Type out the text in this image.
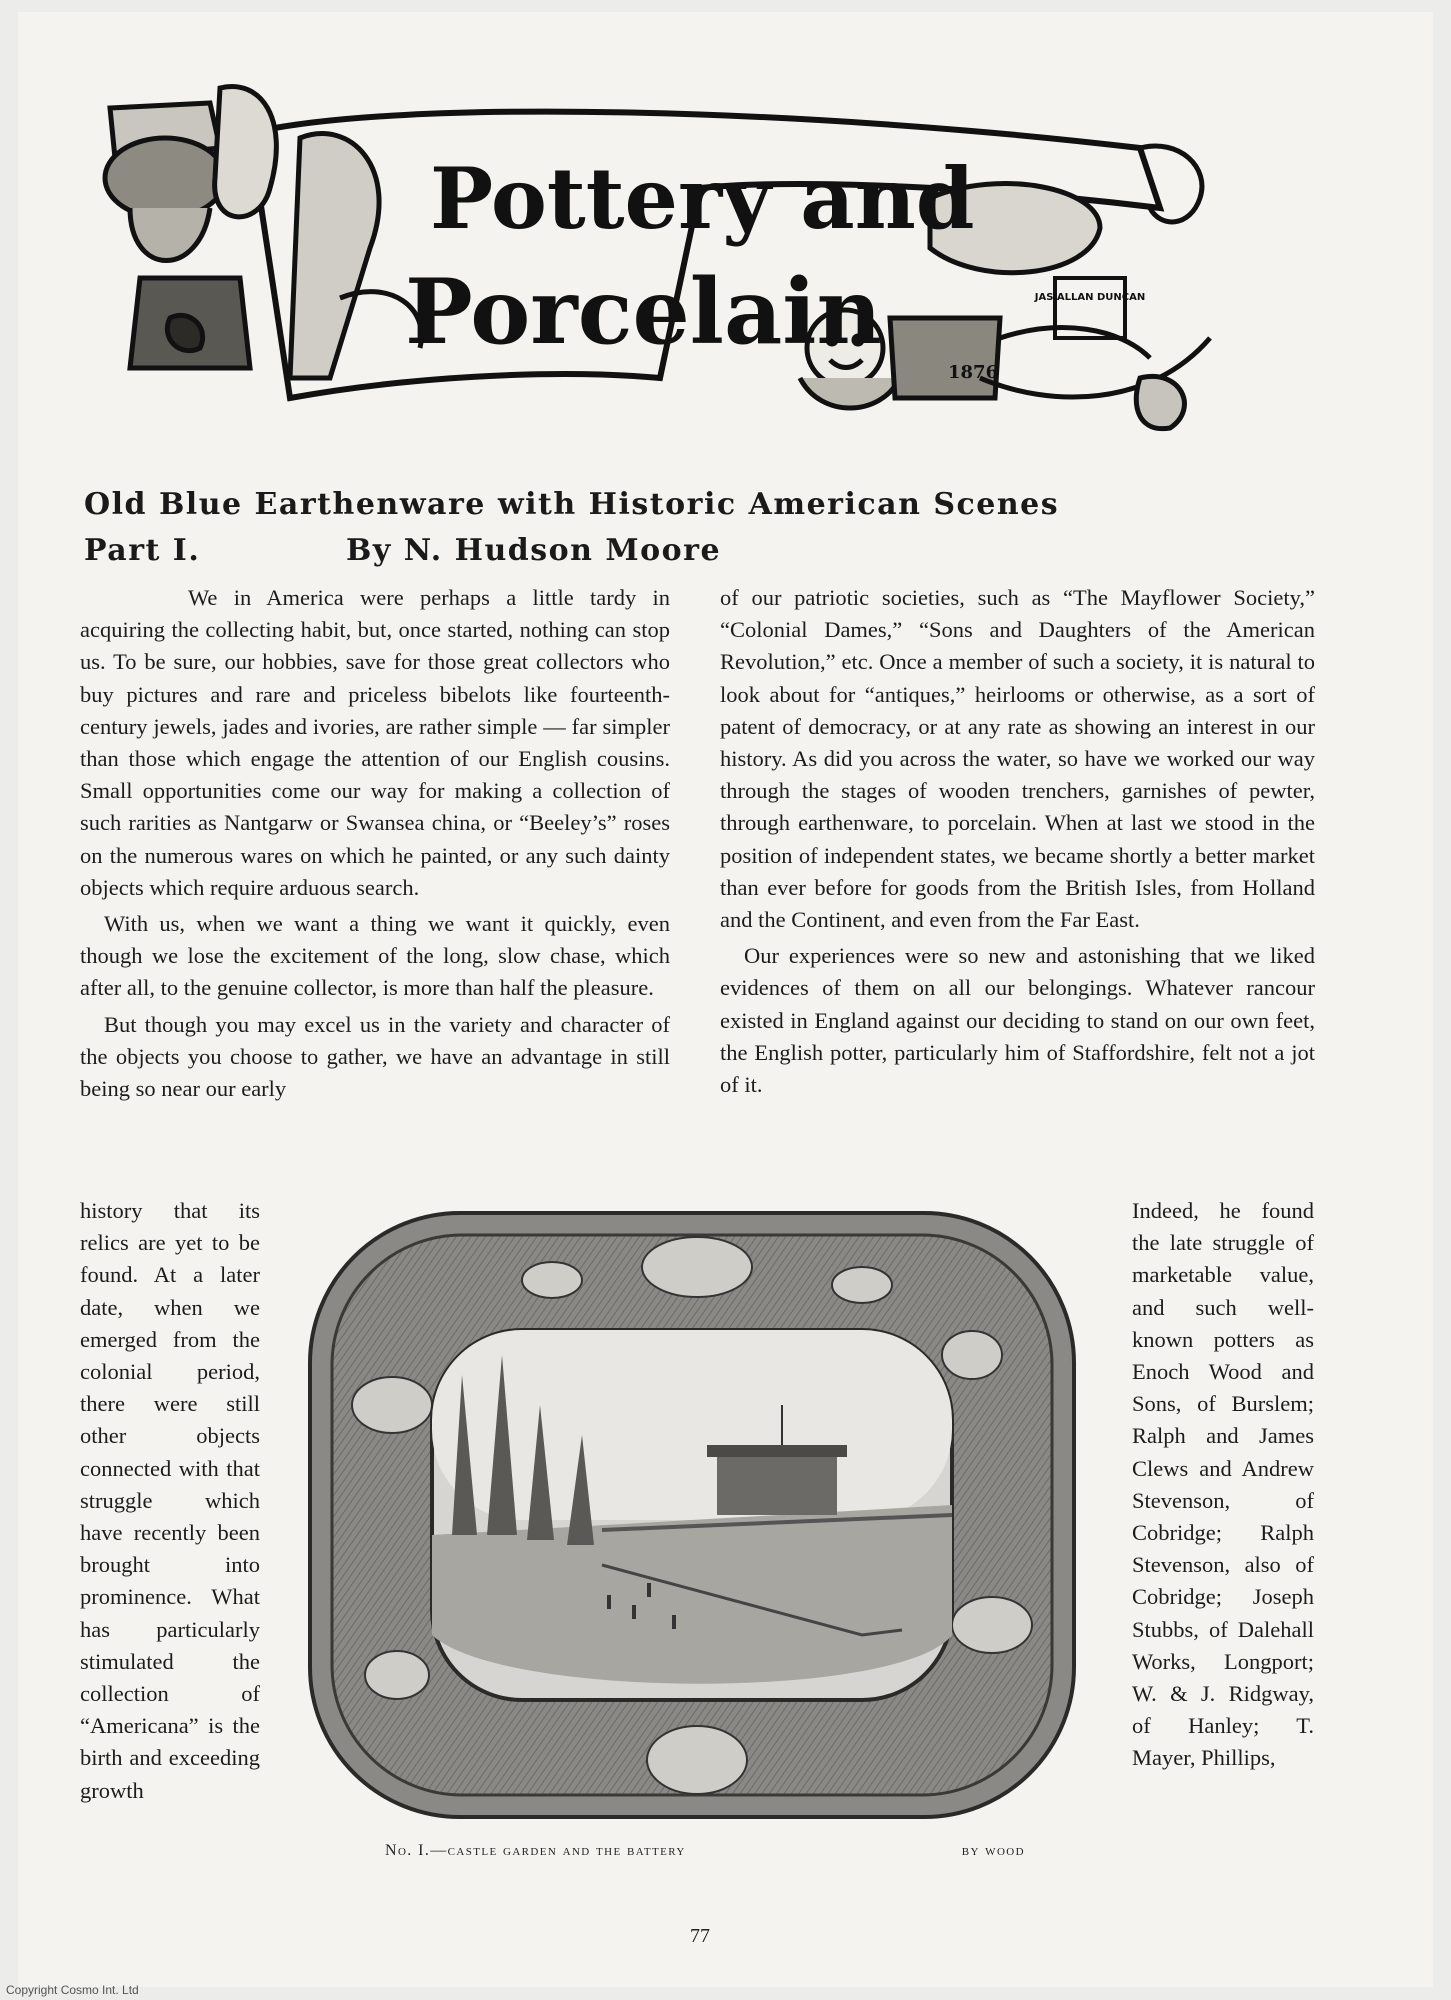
JAS ALLAN DUNCAN
1876
Pottery and
Porcelain
Old Blue Earthenware with Historic American Scenes
Part I.	By N. Hudson Moore

We in America were perhaps a little tardy in acquiring the collecting habit, but, once started, nothing can stop us. To be sure, our hobbies, save for those great collectors who buy pictures and rare and priceless bibelots like fourteenth-century jewels, jades and ivories, are rather simple — far simpler than those which engage the attention of our English cousins. Small opportunities come our way for making a collection of such rarities as Nantgarw or Swansea china, or “Beeley’s” roses on the numerous wares on which he painted, or any such dainty objects which require arduous search.

With us, when we want a thing we want it quickly, even though we lose the excitement of the long, slow chase, which after all, to the genuine collector, is more than half the pleasure.

But though you may excel us in the variety and character of the objects you choose to gather, we have an advantage in still being so near our early

of our patriotic societies, such as “The Mayflower Society,” “Colonial Dames,” “Sons and Daughters of the American Revolution,” etc. Once a member of such a society, it is natural to look about for “antiques,” heirlooms or otherwise, as a sort of patent of democracy, or at any rate as showing an interest in our history. As did you across the water, so have we worked our way through the stages of wooden trenchers, garnishes of pewter, through earthenware, to porcelain. When at last we stood in the position of independent states, we became shortly a better market than ever before for goods from the British Isles, from Holland and the Continent, and even from the Far East.

Our experiences were so new and astonishing that we liked evidences of them on all our belongings. Whatever rancour existed in England against our deciding to stand on our own feet, the English potter, particularly him of Staffordshire, felt not a jot of it.

history that its relics are yet to be found. At a later date, when we emerged from the colonial period, there were still other objects connected with that struggle which have recently been brought into prominence. What has particularly stimulated the collection of “Americana” is the birth and exceeding growth
Indeed, he found the late struggle of marketable value, and such well-known potters as Enoch Wood and Sons, of Burslem; Ralph and James Clews and Andrew Stevenson, of Cobridge; Ralph Stevenson, also of Cobridge; Joseph Stubbs, of Dalehall Works, Longport; W. & J. Ridgway, of Hanley; T. Mayer, Phillips,
No. I.—castle garden and the battery	by wood
77
Copyright Cosmo Int. Ltd
